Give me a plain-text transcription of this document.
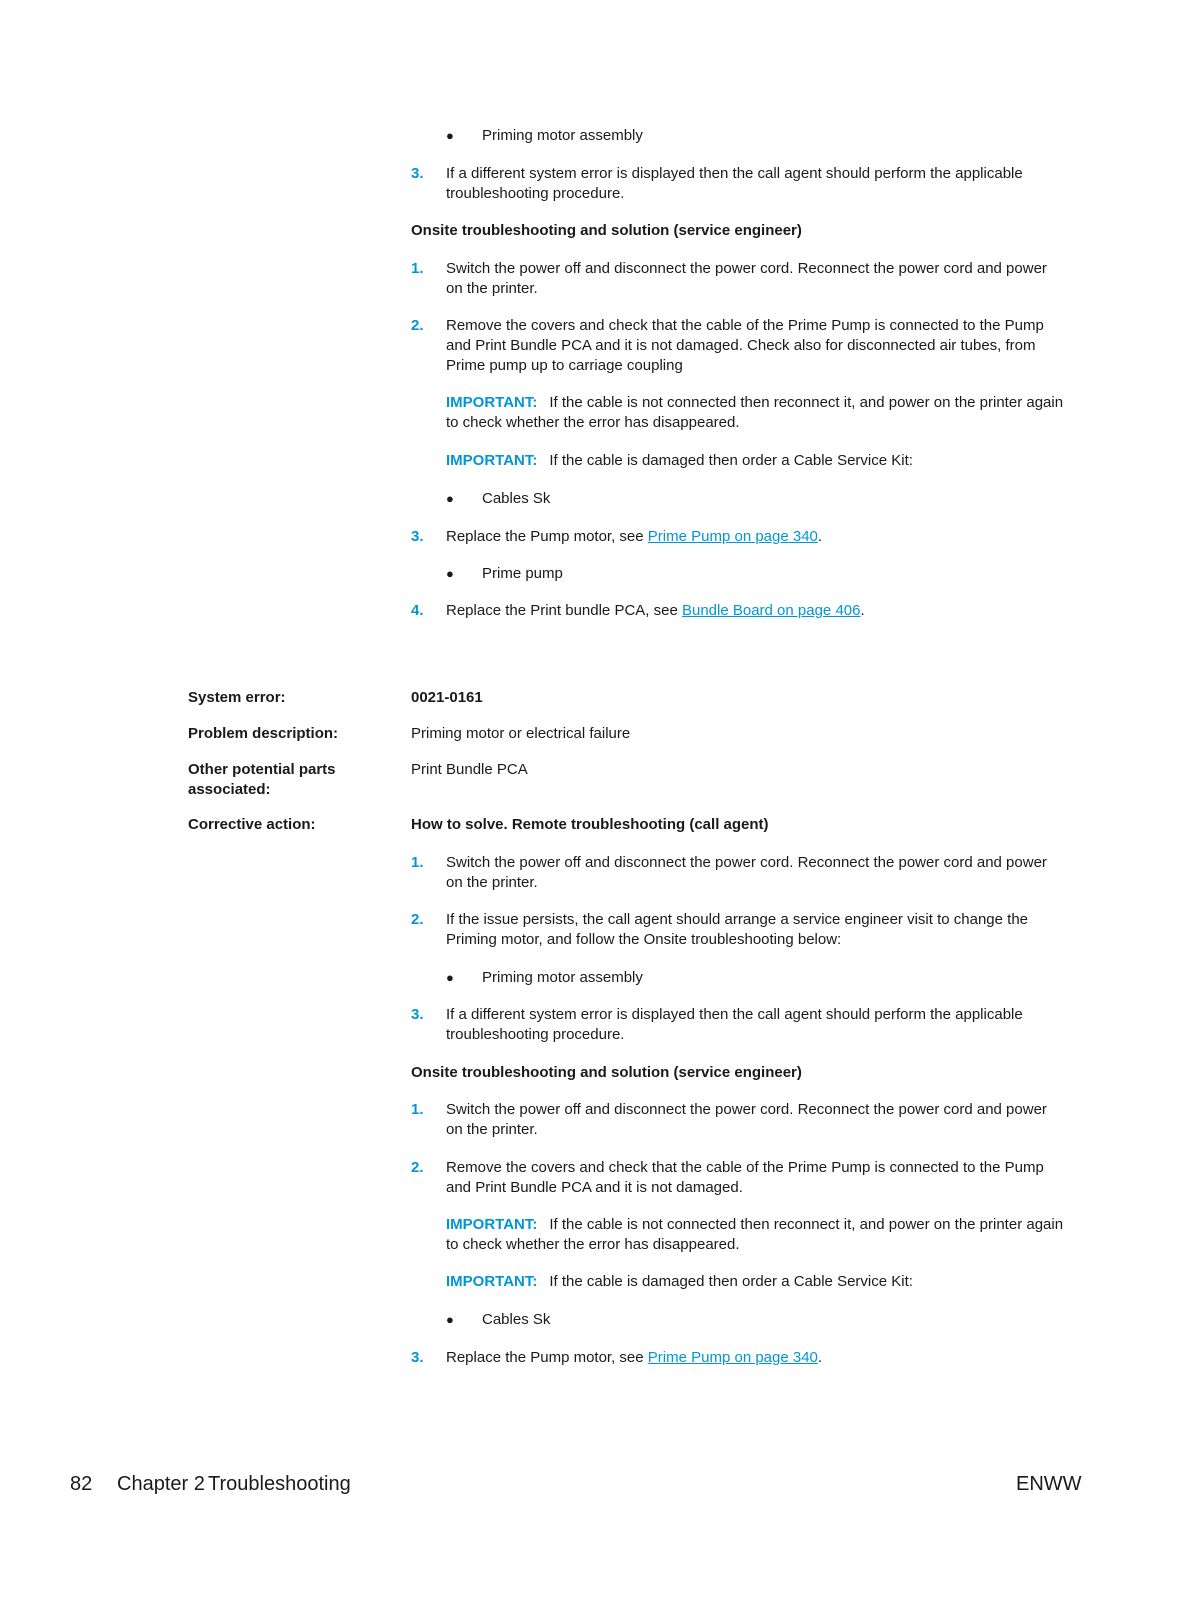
● Priming motor assembly
3. If a different system error is displayed then the call agent should perform the applicable troubleshooting procedure.
Onsite troubleshooting and solution (service engineer)
1. Switch the power off and disconnect the power cord. Reconnect the power cord and power on the printer.
2. Remove the covers and check that the cable of the Prime Pump is connected to the Pump and Print Bundle PCA and it is not damaged. Check also for disconnected air tubes, from Prime pump up to carriage coupling
IMPORTANT: If the cable is not connected then reconnect it, and power on the printer again to check whether the error has disappeared.
IMPORTANT: If the cable is damaged then order a Cable Service Kit:
● Cables Sk
3. Replace the Pump motor, see Prime Pump on page 340.
● Prime pump
4. Replace the Print bundle PCA, see Bundle Board on page 406.
System error:	0021-0161
Problem description:	Priming motor or electrical failure
Other potential parts associated:
Print Bundle PCA
Corrective action:	How to solve. Remote troubleshooting (call agent)
1. Switch the power off and disconnect the power cord. Reconnect the power cord and power on the printer.
2. If the issue persists, the call agent should arrange a service engineer visit to change the Priming motor, and follow the Onsite troubleshooting below:
● Priming motor assembly
3. If a different system error is displayed then the call agent should perform the applicable troubleshooting procedure.
Onsite troubleshooting and solution (service engineer)
1. Switch the power off and disconnect the power cord. Reconnect the power cord and power on the printer.
2. Remove the covers and check that the cable of the Prime Pump is connected to the Pump and Print Bundle PCA and it is not damaged.
IMPORTANT: If the cable is not connected then reconnect it, and power on the printer again to check whether the error has disappeared.
IMPORTANT: If the cable is damaged then order a Cable Service Kit:
● Cables Sk
3. Replace the Pump motor, see Prime Pump on page 340.
82 Chapter 2 Troubleshooting	ENWW
